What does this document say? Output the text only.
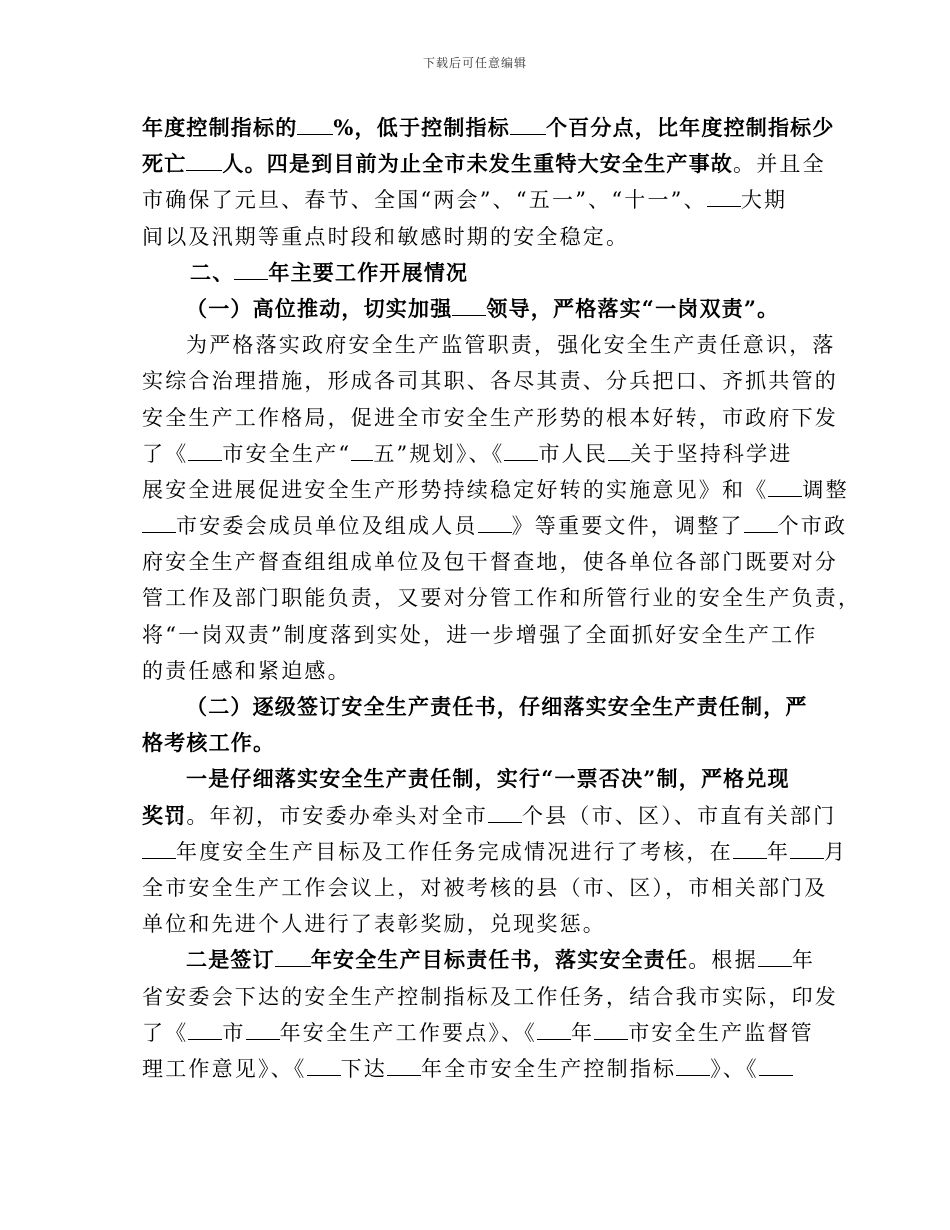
下载后可任意编辑
年度控制指标的 %，低于控制指标 个百分点，比年度控制指标少
死亡 人。四是到目前为止全市未发生重特大安全生产事故。并且全
市确保了元旦、春节、全国“两会”、“五一”、“十一”、 大期
间以及汛期等重点时段和敏感时期的安全稳定。
二、 年主要工作开展情况
（一）高位推动，切实加强 领导，严格落实“一岗双责”。
为严格落实政府安全生产监管职责，强化安全生产责任意识，落
实综合治理措施，形成各司其职、各尽其责、分兵把口、齐抓共管的
安全生产工作格局，促进全市安全生产形势的根本好转，市政府下发
了《 市安全生产“ 五”规划》、《 市人民 关于坚持科学进
展安全进展促进安全生产形势持续稳定好转的实施意见》和《 调整
市安委会成员单位及组成人员 》等重要文件，调整了 个市政
府安全生产督查组组成单位及包干督查地，使各单位各部门既要对分
管工作及部门职能负责，又要对分管工作和所管行业的安全生产负责，
将“一岗双责”制度落到实处，进一步增强了全面抓好安全生产工作
的责任感和紧迫感。
（二）逐级签订安全生产责任书，仔细落实安全生产责任制，严
格考核工作。
一是仔细落实安全生产责任制，实行“一票否决”制，严格兑现
奖罚。年初，市安委办牵头对全市 个县（市、区）、市直有关部门
年度安全生产目标及工作任务完成情况进行了考核，在 年 月
全市安全生产工作会议上，对被考核的县（市、区），市相关部门及
单位和先进个人进行了表彰奖励，兑现奖惩。
二是签订 年安全生产目标责任书，落实安全责任。根据 年
省安委会下达的安全生产控制指标及工作任务，结合我市实际，印发
了《 市 年安全生产工作要点》、《 年 市安全生产监督管
理工作意见》、《 下达 年全市安全生产控制指标 》、《
